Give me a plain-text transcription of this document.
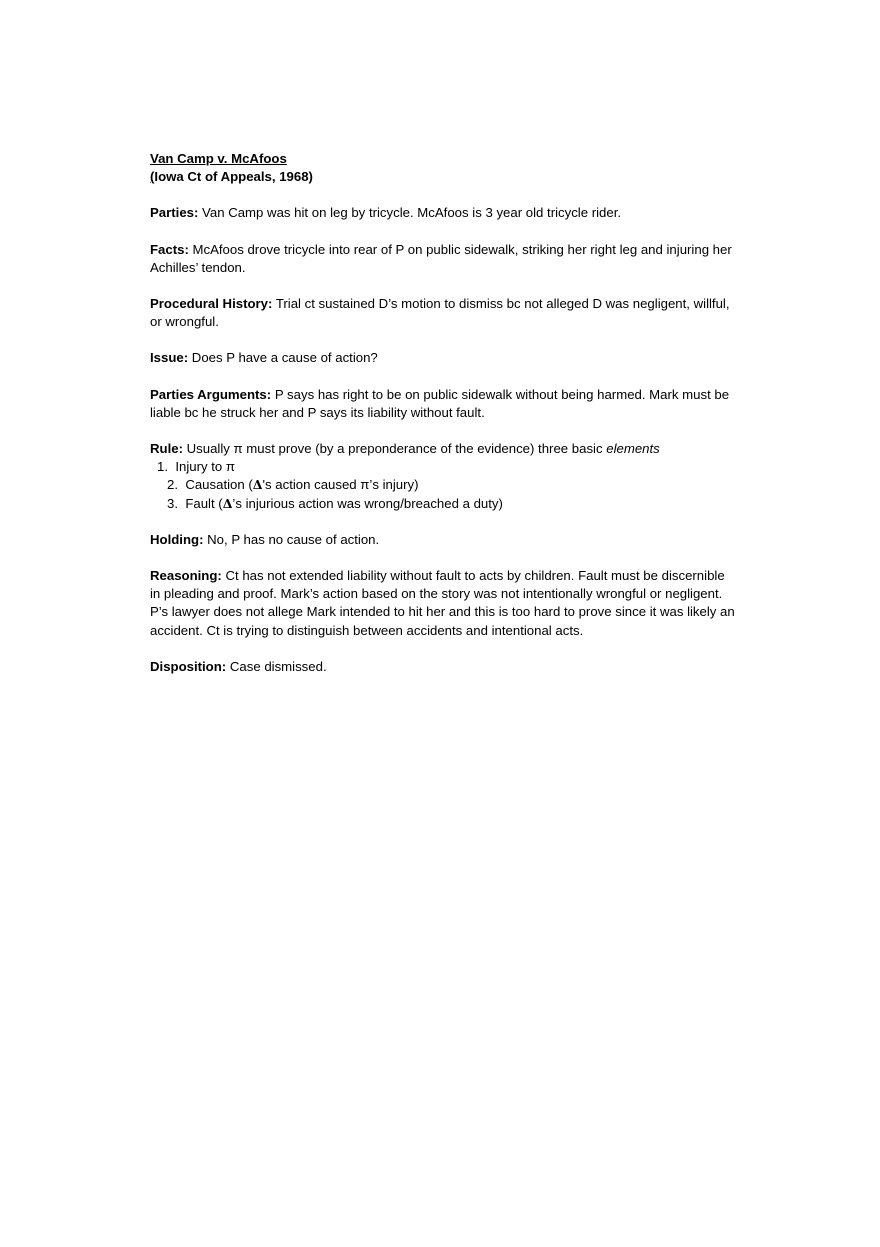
Van Camp v. McAfoos
(Iowa Ct of Appeals, 1968)

Parties: Van Camp was hit on leg by tricycle. McAfoos is 3 year old tricycle rider.

Facts: McAfoos drove tricycle into rear of P on public sidewalk, striking her right leg and injuring her Achilles’ tendon.

Procedural History: Trial ct sustained D’s motion to dismiss bc not alleged D was negligent, willful, or wrongful.

Issue: Does P have a cause of action?

Parties Arguments: P says has right to be on public sidewalk without being harmed. Mark must be liable bc he struck her and P says its liability without fault.

Rule: Usually π must prove (by a preponderance of the evidence) three basic elements

1. Injury to π
2. Causation (Δ's action caused π’s injury)
3. Fault (Δ’s injurious action was wrong/breached a duty)

Holding: No, P has no cause of action.

Reasoning: Ct has not extended liability without fault to acts by children. Fault must be discernible in pleading and proof. Mark’s action based on the story was not intentionally wrongful or negligent. P’s lawyer does not allege Mark intended to hit her and this is too hard to prove since it was likely an accident. Ct is trying to distinguish between accidents and intentional acts.

Disposition: Case dismissed.
